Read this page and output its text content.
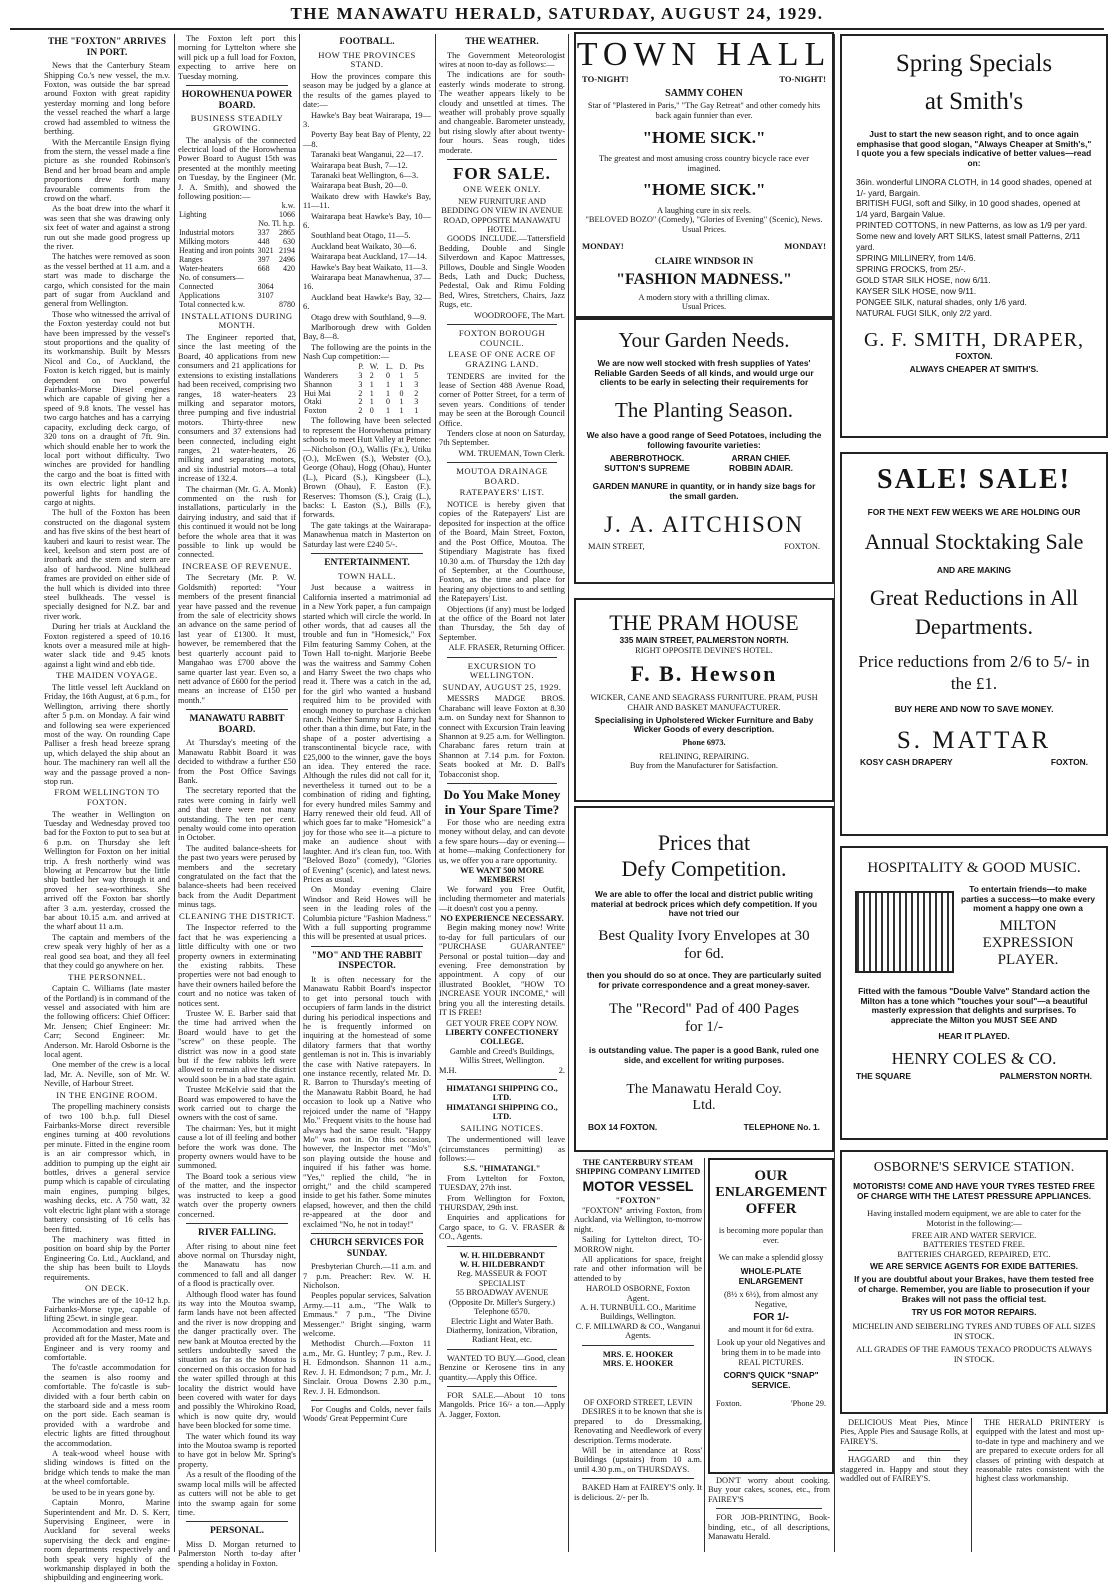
THE MANAWATU HERALD, SATURDAY, AUGUST 24, 1929.
THE "FOXTON" ARRIVES IN PORT.

News that the Canterbury Steam Shipping Co.'s new vessel, the m.v. Foxton, was outside the bar spread around Foxton with great rapidity yesterday morning and long before the vessel reached the wharf a large crowd had assembled to witness the berthing.

With the Mercantile Ensign flying from the stern, the vessel made a fine picture as she rounded Robinson's Bend and her broad beam and ample proportions drew forth many favourable comments from the crowd on the wharf.

As the boat drew into the wharf it was seen that she was drawing only six feet of water and against a strong run out she made good progress up the river.

The hatches were removed as soon as the vessel berthed at 11 a.m. and a start was made to discharge the cargo, which consisted for the main part of sugar from Auckland and general from Wellington.

Those who witnessed the arrival of the Foxton yesterday could not but have been impressed by the vessel's stout proportions and the quality of its workmanship. Built by Messrs Nicol and Co., of Auckland, the Foxton is ketch rigged, but is mainly dependent on two powerful Fairbanks-Morse Diesel engines which are capable of giving her a speed of 9.8 knots. The vessel has two cargo hatches and has a carrying capacity, excluding deck cargo, of 320 tons on a draught of 7ft. 9in. which should enable her to work the local port without difficulty. Two winches are provided for handling the cargo and the boat is fitted with its own electric light plant and powerful lights for handling the cargo at nights.

The hull of the Foxton has been constructed on the diagonal system and has five skins of the best heart of kauberi and kauri to resist wear. The keel, keelson and stern post are of ironbark and the stem and stern are also of hardwood. Nine bulkhead frames are provided on either side of the hull which is divided into three steel bulkheads. The vessel is specially designed for N.Z. bar and river work.

During her trials at Auckland the Foxton registered a speed of 10.16 knots over a measured mile at high-water slack tide and 9.45 knots against a light wind and ebb tide.

THE MAIDEN VOYAGE.

The little vessel left Auckland on Friday, the 16th August, at 6 p.m., for Wellington, arriving there shortly after 5 p.m. on Monday. A fair wind and following sea were experienced most of the way. On rounding Cape Palliser a fresh head breeze sprang up, which delayed the ship about an hour. The machinery ran well all the way and the passage proved a non-stop run.

FROM WELLINGTON TO FOXTON.

The weather in Wellington on Tuesday and Wednesday proved too bad for the Foxton to put to sea but at 6 p.m. on Thursday she left Wellington for Foxton on her initial trip. A fresh northerly wind was blowing at Pencarrow but the little ship battled her way through it and proved her sea-worthiness. She arrived off the Foxton bar shortly after 3 a.m. yesterday, crossed the bar about 10.15 a.m. and arrived at the wharf about 11 a.m.

The captain and members of the crew speak very highly of her as a real good sea boat, and they all feel that they could go anywhere on her.

THE PERSONNEL.

Captain C. Williams (late master of the Portland) is in command of the vessel and associated with him are the following officers: Chief Officer: Mr. Jensen; Chief Engineer: Mr. Carr; Second Engineer: Mr. Anderson. Mr. Harold Osborne is the local agent.

One member of the crew is a local lad, Mr. A. Neville, son of Mr. W. Neville, of Harbour Street.

IN THE ENGINE ROOM.

The propelling machinery consists of two 100 b.h.p. full Diesel Fairbanks-Morse direct reversible engines turning at 400 revolutions per minute. Fitted in the engine room is an air compressor which, in addition to pumping up the eight air bottles, drives a general service pump which is capable of circulating main engines, pumping bilges, washing decks, etc. A 750 watt, 32 volt electric light plant with a storage battery consisting of 16 cells has been fitted.

The machinery was fitted in position on board ship by the Porter Engineering Co. Ltd., Auckland, and the ship has been built to Lloyds requirements.

ON DECK.

The winches are of the 10-12 h.p. Fairbanks-Morse type, capable of lifting 25cwt. in single gear.

Accommodation and mess room is provided aft for the Master, Mate and Engineer and is very roomy and comfortable.

The fo'castle accommodation for the seamen is also roomy and comfortable. The fo'castle is sub-divided with a four berth cabin on the starboard side and a mess room on the port side. Each seaman is provided with a wardrobe and electric lights are fitted throughout the accommodation.

A teak-wood wheel house with sliding windows is fitted on the bridge which tends to make the man at the wheel comfortable.

be used to be in years gone by.

Captain Monro, Marine Superintendent and Mr. D. S. Kerr, Supervising Engineer, were in Auckland for several weeks supervising the deck and engine-room departments respectively and both speak very highly of the workmanship displayed in both the shipbuilding and engineering work.

The Foxton left port this morning for Lyttelton where she will pick up a full load for Foxton, expecting to arrive here on Tuesday morning.

HOROWHENUA POWER BOARD.
BUSINESS STEADILY GROWING.

The analysis of the connected electrical load of the Horowhenua Power Board to August 15th was presented at the monthly meeting on Tuesday, by the Engineer (Mr. J. A. Smith), and showed the following position:—

		k.w.
Lighting		1066
	No. Tl. h.p.	
Industrial motors	337	2865
Milking motors	448	630
Heating and iron points	3021	2194
Ranges	397	2496
Water-heaters	668	420
No. of consumers—		
Connected	3064	
Applications	3107	
Total connected k.w.		8780
INSTALLATIONS DURING MONTH.

The Engineer reported that, since the last meeting of the Board, 40 applications from new consumers and 21 applications for extensions to existing installations had been received, comprising two ranges, 18 water-heaters 23 milking and separator motors, three pumping and five industrial motors. Thirty-three new consumers and 37 extensions had been connected, including eight ranges, 21 water-heaters, 26 milking and separating motors, and six industrial motors—a total increase of 132.4.

The chairman (Mr. G. A. Monk) commented on the rush for installations, particularly in the dairying industry, and said that if this continued it would not be long before the whole area that it was possible to link up would be connected.

INCREASE OF REVENUE.

The Secretary (Mr. P. W. Goldsmith) reported: "Your members of the present financial year have passed and the revenue from the sale of electricity shows an advance on the same period of last year of £1300. It must, however, be remembered that the best quarterly account paid to Mangahao was £700 above the same quarter last year. Even so, a nett advance of £600 for the period means an increase of £150 per month."

MANAWATU RABBIT BOARD.

At Thursday's meeting of the Manawatu Rabbit Board it was decided to withdraw a further £50 from the Post Office Savings Bank.

The secretary reported that the rates were coming in fairly well and that there were not many outstanding. The ten per cent. penalty would come into operation in October.

The audited balance-sheets for the past two years were perused by members and the secretary congratulated on the fact that the balance-sheets had been received back from the Audit Department minus tags.

CLEANING THE DISTRICT.

The Inspector referred to the fact that he was experiencing a little difficulty with one or two property owners in exterminating the existing rabbits. These properties were not bad enough to have their owners hailed before the court and no notice was taken of notices sent.

Trustee W. E. Barber said that the time had arrived when the Board would have to get the "screw" on these people. The district was now in a good state but if the few rabbits left were allowed to remain alive the district would soon be in a bad state again.

Trustee McKelvie said that the Board was empowered to have the work carried out to charge the owners with the cost of same.

The chairman: Yes, but it might cause a lot of ill feeling and bother before the work was done. The property owners would have to be summoned.

The Board took a serious view of the matter, and the inspector was instructed to keep a good watch over the property owners concerned.

RIVER FALLING.

After rising to about nine feet above normal on Thursday night, the Manawatu has now commenced to fall and all danger of a flood is practically over.

Although flood water has found its way into the Moutoa swamp, farm lands have not been affected and the river is now dropping and the danger practically over. The new bank at Moutoa erected by the settlers undoubtedly saved the situation as far as the Moutoa is concerned on this occasion for had the water spilled through at this locality the district would have been covered with water for days and possibly the Whirokino Road, which is now quite dry, would have been blocked for some time.

The water which found its way into the Moutoa swamp is reported to have got in below Mr. Spring's property.

As a result of the flooding of the swamp local mills will be affected as cutters will not be able to get into the swamp again for some time.

PERSONAL.

Miss D. Morgan returned to Palmerston North to-day after spending a holiday in Foxton.

FOOTBALL.
HOW THE PROVINCES STAND.

How the provinces compare this season may be judged by a glance at the results of the games played to date:—

Hawke's Bay beat Wairarapa, 19—3.

Poverty Bay beat Bay of Plenty, 22—8.

Taranaki beat Wanganui, 22—17.

Wairarapa beat Bush, 7—12.

Taranaki beat Wellington, 6—3.

Wairarapa beat Bush, 20—0.

Waikato drew with Hawke's Bay, 11—11.

Wairarapa beat Hawke's Bay, 10—6.

Southland beat Otago, 11—5.

Auckland beat Waikato, 30—6.

Wairarapa beat Auckland, 17—14.

Hawke's Bay beat Waikato, 11—3.

Wairarapa beat Manawhenua, 37—16.

Auckland beat Hawke's Bay, 32—6.

Otago drew with Southland, 9—9.

Marlborough drew with Golden Bay, 8—8.

The following are the points in the Nash Cup competition:—

	P.	W.	L.	D.	Pts
Wanderers	3	2	0	1	5
Shannon	3	1	1	1	3
Hui Mai	2	1	1	0	2
Otaki	2	1	0	1	3
Foxton	2	0	1	1	1

The following have been selected to represent the Horowhenua primary schools to meet Hutt Valley at Petone:—Nicholson (O.), Wallis (Fx.), Utiku (O.), McEwen (S.), Webster (O.), George (Ohau), Hogg (Ohau), Hunter (L.), Picard (S.), Kingsbeer (L.), Brown (Ohau), F. Easton (F.). Reserves: Thomson (S.), Craig (L.), backs: L Easton (S.), Bills (F.), forwards.

The gate takings at the Wairarapa-Manawhenua match in Masterton on Saturday last were £240 5/-.

ENTERTAINMENT.
TOWN HALL.

Just because a waitress in California inserted a matrimonial ad in a New York paper, a fun campaign started which will circle the world. In other words, that ad causes all the trouble and fun in "Homesick," Fox Film featuring Sammy Cohen, at the Town Hall to-night. Marjorie Beebe was the waitress and Sammy Cohen and Harry Sweet the two chaps who read it. There was a catch in the ad, for the girl who wanted a husband required him to be provided with enough money to purchase a chicken ranch. Neither Sammy nor Harry had other than a thin dime, but Fate, in the shape of a poster advertising a transcontinental bicycle race, with £25,000 to the winner, gave the boys an idea. They entered the race. Although the rules did not call for it, nevertheless it turned out to be a combination of riding and fighting, for every hundred miles Sammy and Harry renewed their old feud. All of which goes far to make "Homesick" a joy for those who see it—a picture to make an audience shout with laughter. And it's clean fun, too. With "Beloved Bozo" (comedy), "Glories of Evening" (scenic), and latest news. Prices as usual.

On Monday evening Claire Windsor and Reid Howes will be seen in the leading roles of the Columbia picture "Fashion Madness." With a full supporting programme this will be presented at usual prices.

"MO" AND THE RABBIT INSPECTOR.

It is often necessary for the Manawatu Rabbit Board's inspector to get into personal touch with occupiers of farm lands in the district during his periodical inspections and he is frequently informed on inquiring at the homestead of some dilatory farmers that that worthy gentleman is not in. This is invariably the case with Native ratepayers. In one instance recently, related Mr. D. R. Barron to Thursday's meeting of the Manawatu Rabbit Board, he had occasion to look up a Native who rejoiced under the name of "Happy Mo." Frequent visits to the house had always had the same result. "Happy Mo" was not in. On this occasion, however, the Inspector met "Mo's" son playing outside the house and inquired if his father was home. "Yes," replied the child, "he in orright," and the child scampered inside to get his father. Some minutes elapsed, however, and then the child re-appeared at the door and exclaimed "No, he not in today!"

CHURCH SERVICES FOR SUNDAY.

Presbyterian Church.—11 a.m. and 7 p.m. Preacher: Rev. W. H. Nicholson.

Peoples popular services, Salvation Army.—11 a.m., "The Walk to Emmaus." 7 p.m., "The Divine Messenger." Bright singing, warm welcome.

Methodist Church.—Foxton 11 a.m., Mr. G. Huntley; 7 p.m., Rev. J. H. Edmondson. Shannon 11 a.m., Rev. J. H. Edmondson; 7 p.m., Mr. J. Sinclair. Oroua Downs 2.30 p.m., Rev. J. H. Edmondson.

For Coughs and Colds, never fails Woods' Great Peppermint Cure

THE WEATHER.

The Government Meteorologist wires at noon to-day as follows:—

The indications are for south-easterly winds moderate to strong. The weather appears likely to be cloudy and unsettled at times. The weather will probably prove squally and changeable. Barometer unsteady, but rising slowly after about twenty-four hours. Seas rough, tides moderate.

FOR SALE.
ONE WEEK ONLY.
NEW FURNITURE AND BEDDING ON VIEW IN AVENUE ROAD, OPPOSITE MANAWATU HOTEL.

GOODS INCLUDE.—Tattersfield Bedding, Double and Single Silverdown and Kapoc Mattresses, Pillows, Double and Single Wooden Beds, Lath and Duck; Duchess, Pedestal, Oak and Rimu Folding Bed, Wires, Stretchers, Chairs, Jazz Rugs, etc.

WOODROOFE, The Mart.
FOXTON BOROUGH COUNCIL.
LEASE OF ONE ACRE OF GRAZING LAND.

TENDERS are invited for the lease of Section 488 Avenue Road, corner of Potter Street, for a term of seven years. Conditions of tender may be seen at the Borough Council Office.

Tenders close at noon on Saturday, 7th September.

WM. TRUEMAN, Town Clerk.
MOUTOA DRAINAGE BOARD.
RATEPAYERS' LIST.

NOTICE is hereby given that copies of the Ratepayers' List are deposited for inspection at the office of the Board, Main Street, Foxton, and the Post Office, Moutoa. The Stipendiary Magistrate has fixed 10.30 a.m. of Thursday the 12th day of September, at the Courthouse, Foxton, as the time and place for hearing any objections to and settling the Ratepayers' List.

Objections (if any) must be lodged at the office of the Board not later than Thursday, the 5th day of September.

ALF. FRASER, Returning Officer.
EXCURSION TO WELLINGTON.
SUNDAY, AUGUST 25, 1929.

MESSRS MADGE BROS. Charabanc will leave Foxton at 8.30 a.m. on Sunday next for Shannon to connect with Excursion Train leaving Shannon at 9.25 a.m. for Wellington. Charabanc fares return train at Shannon at 7.14 p.m. for Foxton. Seats booked at Mr. D. Ball's Tobacconist shop.

Do You Make Money in Your Spare Time?

For those who are needing extra money without delay, and can devote a few spare hours—day or evening—at home—making Confectionery for us, we offer you a rare opportunity.

WE WANT 500 MORE MEMBERS!

We forward you Free Outfit, including thermometer and materials—it doesn't cost you a penny.

NO EXPERIENCE NECESSARY.

Begin making money now! Write to-day for full particulars of our "PURCHASE GUARANTEE" Personal or postal tuition—day and evening. Free demonstration by appointment. A copy of our illustrated Booklet, "HOW TO INCREASE YOUR INCOME," will bring you all the interesting details. IT IS FREE!

GET YOUR FREE COPY NOW.
LIBERTY CONFECTIONERY COLLEGE.
Gamble and Creed's Buildings, Willis Street, Wellington.
M.H.	2.
HIMATANGI SHIPPING CO., LTD.
HIMATANGI SHIPPING CO., LTD.
SAILING NOTICES.

The undermentioned will leave (circumstances permitting) as follows:—

S.S. "HIMATANGI."

From Lyttelton for Foxton, TUESDAY, 27th inst.

From Wellington for Foxton, THURSDAY, 29th inst.

Enquiries and applications for Cargo space, to G. V. FRASER & CO., Agents.

W. H. HILDEBRANDT
W. H. HILDEBRANDT
Reg. MASSEUR & FOOT SPECIALIST
55 BROADWAY AVENUE (Opposite Dr. Miller's Surgery.) Telephone 6570.
Electric Light and Water Bath. Diathermy, Ionization, Vibration, Radiant Heat, etc.

WANTED TO BUY.—Good, clean Benzine or Kerosene tins in any quantity.—Apply this Office.

FOR SALE.—About 10 tons Mangolds. Price 16/- a ton.—Apply A. Jagger, Foxton.

TOWN HALL
TO-NIGHT!	TO-NIGHT!
SAMMY COHEN
Star of "Plastered in Paris," "The Gay Retreat" and other comedy hits back again funnier than ever.
"HOME SICK."
The greatest and most amusing cross country bicycle race ever imagined.
"HOME SICK."
A laughing cure in six reels.
"BELOVED BOZO" (Comedy), "Glories of Evening" (Scenic), News. Usual Prices.
MONDAY!	MONDAY!
CLAIRE WINDSOR IN
"FASHION MADNESS."
A modern story with a thrilling climax.
Usual Prices.
Your Garden Needs.
We are now well stocked with fresh supplies of Yates' Reliable Garden Seeds of all kinds, and would urge our clients to be early in selecting their requirements for
The Planting Season.
We also have a good range of Seed Potatoes, including the following favourite varieties:
ABERBROTHOCK.	ARRAN CHIEF.
SUTTON'S SUPREME	ROBBIN ADAIR.
GARDEN MANURE in quantity, or in handy size bags for the small garden.
J. A. AITCHISON
MAIN STREET,	FOXTON.
THE PRAM HOUSE
335 MAIN STREET, PALMERSTON NORTH.
RIGHT OPPOSITE DEVINE'S HOTEL.
F. B. Hewson
WICKER, CANE AND SEAGRASS FURNITURE. PRAM, PUSH CHAIR AND BASKET MANUFACTURER.
Specialising in Upholstered Wicker Furniture and Baby Wicker Goods of every description.
Phone 6973.
RELINING, REPAIRING.
Buy from the Manufacturer for Satisfaction.
Prices that
Defy Competition.
We are able to offer the local and district public writing material at bedrock prices which defy competition. If you have not tried our
Best Quality Ivory Envelopes at 30 for 6d.
then you should do so at once. They are particularly suited for private correspondence and a great money-saver.
The "Record" Pad of 400 Pages for 1/-
is outstanding value. The paper is a good Bank, ruled one side, and excellent for writing purposes.
The Manawatu Herald Coy.
Ltd.
BOX 14 FOXTON.	TELEPHONE No. 1.
THE CANTERBURY STEAM SHIPPING COMPANY LIMITED
MOTOR VESSEL
"FOXTON"

"FOXTON" arriving Foxton, from Auckland, via Wellington, to-morrow night.

Sailing for Lyttelton direct, TO-MORROW night.

All applications for space, freight rate and other information will be attended to by

HAROLD OSBORNE, Foxton Agent.
A. H. TURNBULL CO., Maritime Buildings, Wellington.
C. F. MILLWARD & CO., Wanganui Agents.
MRS. E. HOOKER
MRS. E. HOOKER
OF OXFORD STREET, LEVIN

DESIRES it to be known that she is prepared to do Dressmaking, Renovating and Needlework of every description. Terms moderate.

Will be in attendance at Ross' Buildings (upstairs) from 10 a.m. until 4.30 p.m., on THURSDAYS.

BAKED Ham at FAIREY'S only. It is delicious. 2/- per lb.

OUR
ENLARGEMENT
OFFER
is becoming more popular than ever.
We can make a splendid glossy
WHOLE-PLATE ENLARGEMENT
(8½ x 6½), from almost any Negative,
FOR 1/-
and mount it for 6d extra.
Look up your old Negatives and bring them in to be made into REAL PICTURES.
CORN'S QUICK "SNAP" SERVICE.
Foxton.	'Phone 29.

DON'T worry about cooking. Buy your cakes, scones, etc., from FAIREY'S

FOR JOB-PRINTING, Book-binding, etc., of all descriptions, Manawatu Herald.

Spring Specials
at Smith's
Just to start the new season right, and to once again emphasise that good slogan, "Always Cheaper at Smith's," I quote you a few specials indicative of better values—read on:
36in. wonderful LINORA CLOTH, in 14 good shades, opened at 1/- yard, Bargain.
BRITISH FUGI, soft and Silky, in 10 good shades, opened at 1/4 yard, Bargain Value.
PRINTED COTTONS, in new Patterns, as low as 1/9 per yard.
Some new and lovely ART SILKS, latest small Patterns, 2/11 yard.
SPRING MILLINERY, from 14/6.
SPRING FROCKS, from 25/-.
GOLD STAR SILK HOSE, now 6/11.
KAYSER SILK HOSE, now 9/11.
PONGEE SILK, natural shades, only 1/6 yard.
NATURAL FUGI SILK, only 2/2 yard.
G. F. SMITH, DRAPER,
FOXTON.
ALWAYS CHEAPER AT SMITH'S.
SALE! SALE!
FOR THE NEXT FEW WEEKS WE ARE HOLDING OUR
Annual Stocktaking Sale
AND ARE MAKING
Great Reductions in All Departments.
Price reductions from 2/6 to 5/- in the £1.
BUY HERE AND NOW TO SAVE MONEY.
S. MATTAR
KOSY CASH DRAPERY	FOXTON.
HOSPITALITY & GOOD MUSIC.
To entertain friends—to make parties a success—to make every moment a happy one own a
MILTON EXPRESSION PLAYER.
Fitted with the famous "Double Valve" Standard action the Milton has a tone which "touches your soul"—a beautiful masterly expression that delights and surprises. To appreciate the Milton you MUST SEE AND
HEAR IT PLAYED.
HENRY COLES & CO.
THE SQUARE	PALMERSTON NORTH.
OSBORNE'S SERVICE STATION.
MOTORISTS! COME AND HAVE YOUR TYRES TESTED FREE OF CHARGE WITH THE LATEST PRESSURE APPLIANCES.
Having installed modern equipment, we are able to cater for the Motorist in the following:—
FREE AIR AND WATER SERVICE.
BATTERIES TESTED FREE.
BATTERIES CHARGED, REPAIRED, ETC.
WE ARE SERVICE AGENTS FOR EXIDE BATTERIES.
If you are doubtful about your Brakes, have them tested free of charge. Remember, you are liable to prosecution if your Brakes will not pass the official test.
TRY US FOR MOTOR REPAIRS.
MICHELIN AND SEIBERLING TYRES AND TUBES OF ALL SIZES IN STOCK.
ALL GRADES OF THE FAMOUS TEXACO PRODUCTS ALWAYS IN STOCK.

DELICIOUS Meat Pies, Mince Pies, Apple Pies and Sausage Rolls, at FAIREY'S.

HAGGARD and thin they staggered in. Happy and stout they waddled out of FAIREY'S.

THE HERALD PRINTERY is equipped with the latest and most up-to-date in type and machinery and we are prepared to execute orders for all classes of printing with despatch at reasonable rates consistent with the highest class workmanship.
